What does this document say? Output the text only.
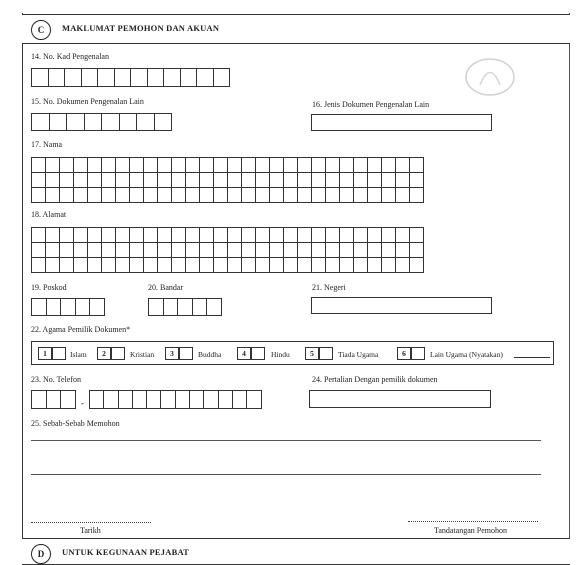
C	MAKLUMAT PEMOHON DAN AKUAN
14. No. Kad Pengenalan
15. No. Dokumen Pengenalan Lain	16. Jenis Dokumen Pengenalan Lain
17. Nama
18. Alamat
19. Poskod	20. Bandar	21. Negeri
22. Agama Pemilik Dokumen*
1	Islam	2	Kristian	3	Buddha	4	Hindu	5	Tiada Ugama	6	Lain Ugama (Nyatakan)
23. No. Telefon
-
24. Pertalian Dengan pemilik dokumen
25. Sebab-Sebab Memohon
Tarikh	Tandatangan Pemohon
D	UNTUK KEGUNAAN PEJABAT
